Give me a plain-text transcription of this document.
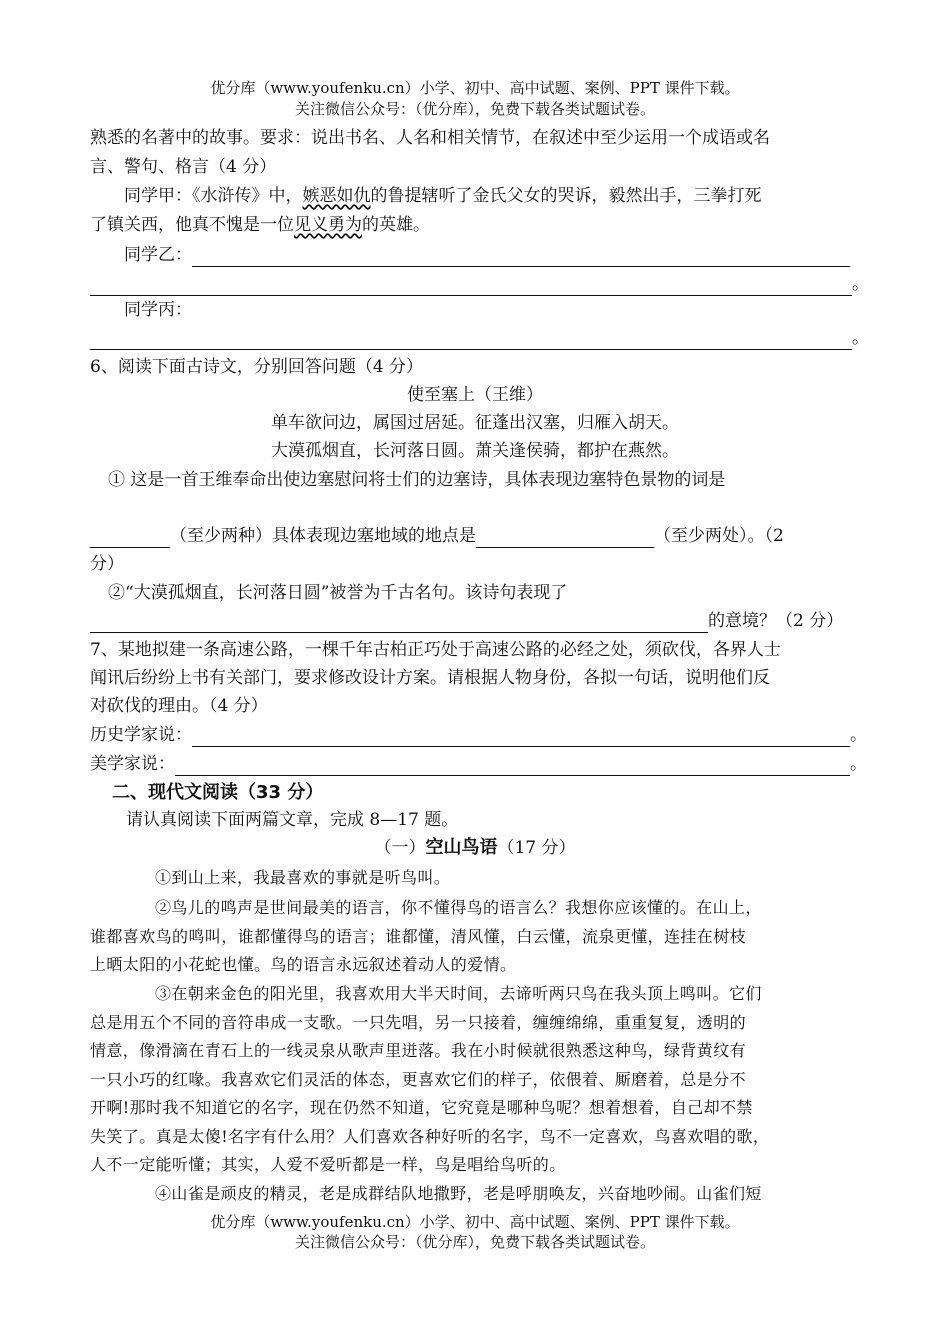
优分库（www.youfenku.cn）小学、初中、高中试题、案例、PPT 课件下载。
关注微信公众号：（优分库），免费下载各类试题试卷。
熟悉的名著中的故事。要求：说出书名、人名和相关情节，在叙述中至少运用一个成语或名
言、警句、格言（4 分）
同学甲：《水浒传》中，嫉恶如仇的鲁提辖听了金氏父女的哭诉，毅然出手，三拳打死
了镇关西，他真不愧是一位见义勇为的英雄。
同学乙：
。
同学丙：
。
6、阅读下面古诗文，分别回答问题（4 分）
使至塞上（王维）
单车欲问边，属国过居延。征蓬出汉塞，归雁入胡天。
大漠孤烟直，长河落日圆。萧关逢侯骑，都护在燕然。
① 这是一首王维奉命出使边塞慰问将士们的边塞诗，具体表现边塞特色景物的词是
（至少两种）具体表现边塞地域的地点是	（至少两处）。（2
分）
②“大漠孤烟直，长河落日圆”被誉为千古名句。该诗句表现了
的意境？（2 分）
7、某地拟建一条高速公路，一棵千年古柏正巧处于高速公路的必经之处，须砍伐，各界人士
闻讯后纷纷上书有关部门，要求修改设计方案。请根据人物身份，各拟一句话，说明他们反
对砍伐的理由。（4 分）
历史学家说：	。
美学家说：	。
二、现代文阅读（33 分）
请认真阅读下面两篇文章，完成 8—17 题。
（一）空山鸟语（17 分）
①到山上来，我最喜欢的事就是听鸟叫。
②鸟儿的鸣声是世间最美的语言，你不懂得鸟的语言么？我想你应该懂的。在山上，
谁都喜欢鸟的鸣叫，谁都懂得鸟的语言；谁都懂，清风懂，白云懂，流泉更懂，连挂在树枝
上晒太阳的小花蛇也懂。鸟的语言永远叙述着动人的爱情。
③在朝来金色的阳光里，我喜欢用大半天时间，去谛听两只鸟在我头顶上鸣叫。它们
总是用五个不同的音符串成一支歌。一只先唱，另一只接着，缠缠绵绵，重重复复，透明的
情意，像滑滴在青石上的一线灵泉从歌声里迸落。我在小时候就很熟悉这种鸟，绿背黄纹有
一只小巧的红喙。我喜欢它们灵活的体态，更喜欢它们的样子，依偎着、厮磨着，总是分不
开啊!那时我不知道它的名字，现在仍然不知道，它究竟是哪种鸟呢？想着想着，自己却不禁
失笑了。真是太傻!名字有什么用？人们喜欢各种好听的名字，鸟不一定喜欢，鸟喜欢唱的歌，
人不一定能听懂；其实，人爱不爱听都是一样，鸟是唱给鸟听的。
④山雀是顽皮的精灵，老是成群结队地撒野，老是呼朋唤友，兴奋地吵闹。山雀们短
优分库（www.youfenku.cn）小学、初中、高中试题、案例、PPT 课件下载。
关注微信公众号：（优分库），免费下载各类试题试卷。
